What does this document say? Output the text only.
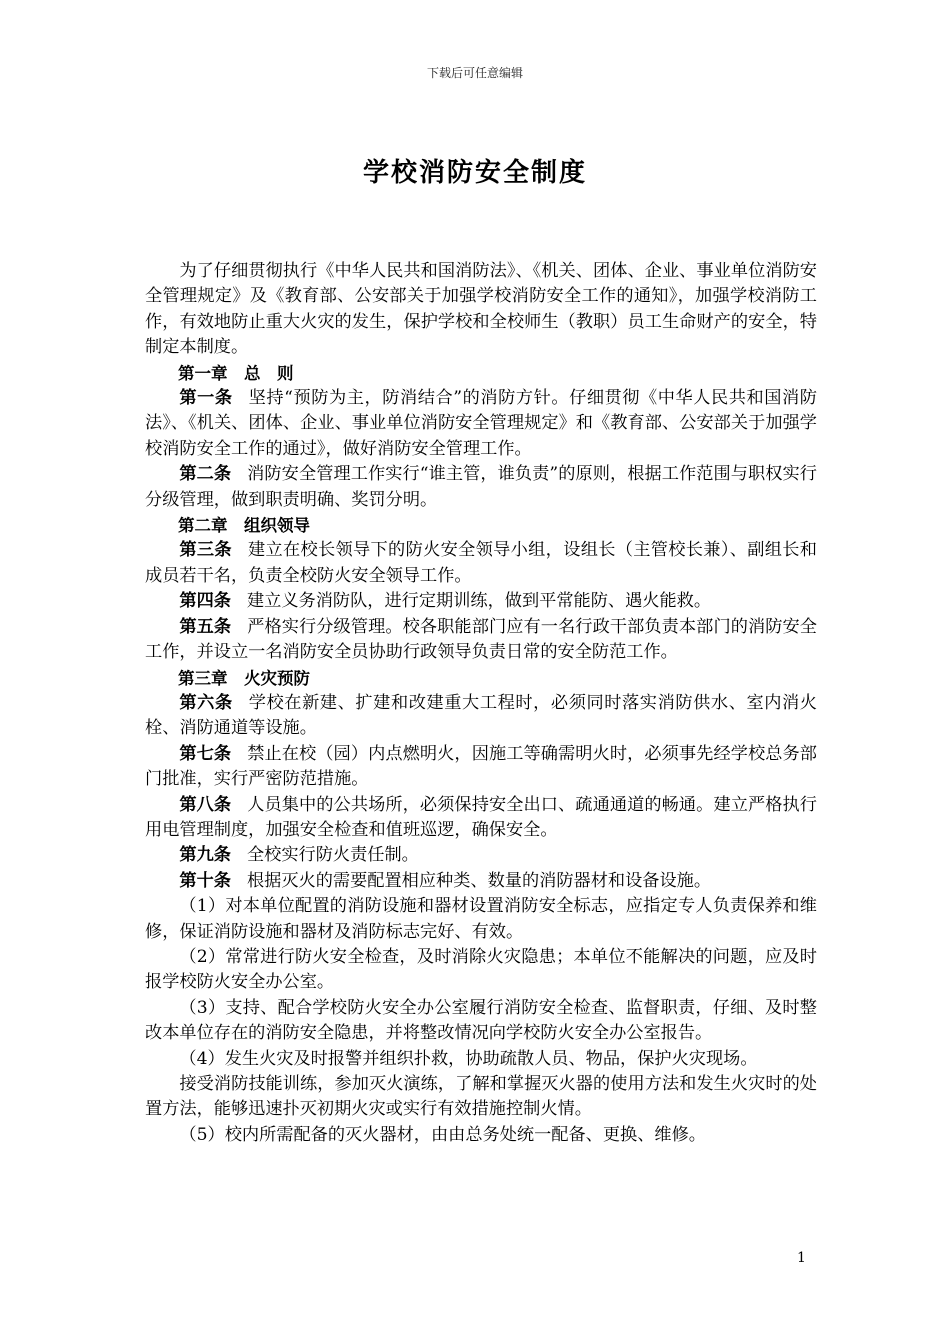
下载后可任意编辑
学校消防安全制度

为了仔细贯彻执行《中华人民共和国消防法》、《机关、团体、企业、事业单位消防安全管理规定》及《教育部、公安部关于加强学校消防安全工作的通知》，加强学校消防工作，有效地防止重大火灾的发生，保护学校和全校师生（教职）员工生命财产的安全，特制定本制度。

第一章　总　则

第一条 坚持“预防为主，防消结合”的消防方针。仔细贯彻《中华人民共和国消防法》、《机关、团体、企业、事业单位消防安全管理规定》和《教育部、公安部关于加强学校消防安全工作的通过》，做好消防安全管理工作。

第二条 消防安全管理工作实行“谁主管，谁负责”的原则，根据工作范围与职权实行分级管理，做到职责明确、奖罚分明。

第二章　组织领导

第三条 建立在校长领导下的防火安全领导小组，设组长（主管校长兼）、副组长和成员若干名，负责全校防火安全领导工作。

第四条 建立义务消防队，进行定期训练，做到平常能防、遇火能救。

第五条 严格实行分级管理。校各职能部门应有一名行政干部负责本部门的消防安全工作，并设立一名消防安全员协助行政领导负责日常的安全防范工作。

第三章　火灾预防

第六条 学校在新建、扩建和改建重大工程时，必须同时落实消防供水、室内消火栓、消防通道等设施。

第七条 禁止在校（园）内点燃明火，因施工等确需明火时，必须事先经学校总务部门批准，实行严密防范措施。

第八条 人员集中的公共场所，必须保持安全出口、疏通通道的畅通。建立严格执行用电管理制度，加强安全检查和值班巡逻，确保安全。

第九条 全校实行防火责任制。

第十条 根据灭火的需要配置相应种类、数量的消防器材和设备设施。

（1）对本单位配置的消防设施和器材设置消防安全标志，应指定专人负责保养和维修，保证消防设施和器材及消防标志完好、有效。

（2）常常进行防火安全检查，及时消除火灾隐患；本单位不能解决的问题，应及时报学校防火安全办公室。

（3）支持、配合学校防火安全办公室履行消防安全检查、监督职责，仔细、及时整改本单位存在的消防安全隐患，并将整改情况向学校防火安全办公室报告。

（4）发生火灾及时报警并组织扑救，协助疏散人员、物品，保护火灾现场。

接受消防技能训练，参加灭火演练，了解和掌握灭火器的使用方法和发生火灾时的处置方法，能够迅速扑灭初期火灾或实行有效措施控制火情。

（5）校内所需配备的灭火器材，由由总务处统一配备、更换、维修。

1
